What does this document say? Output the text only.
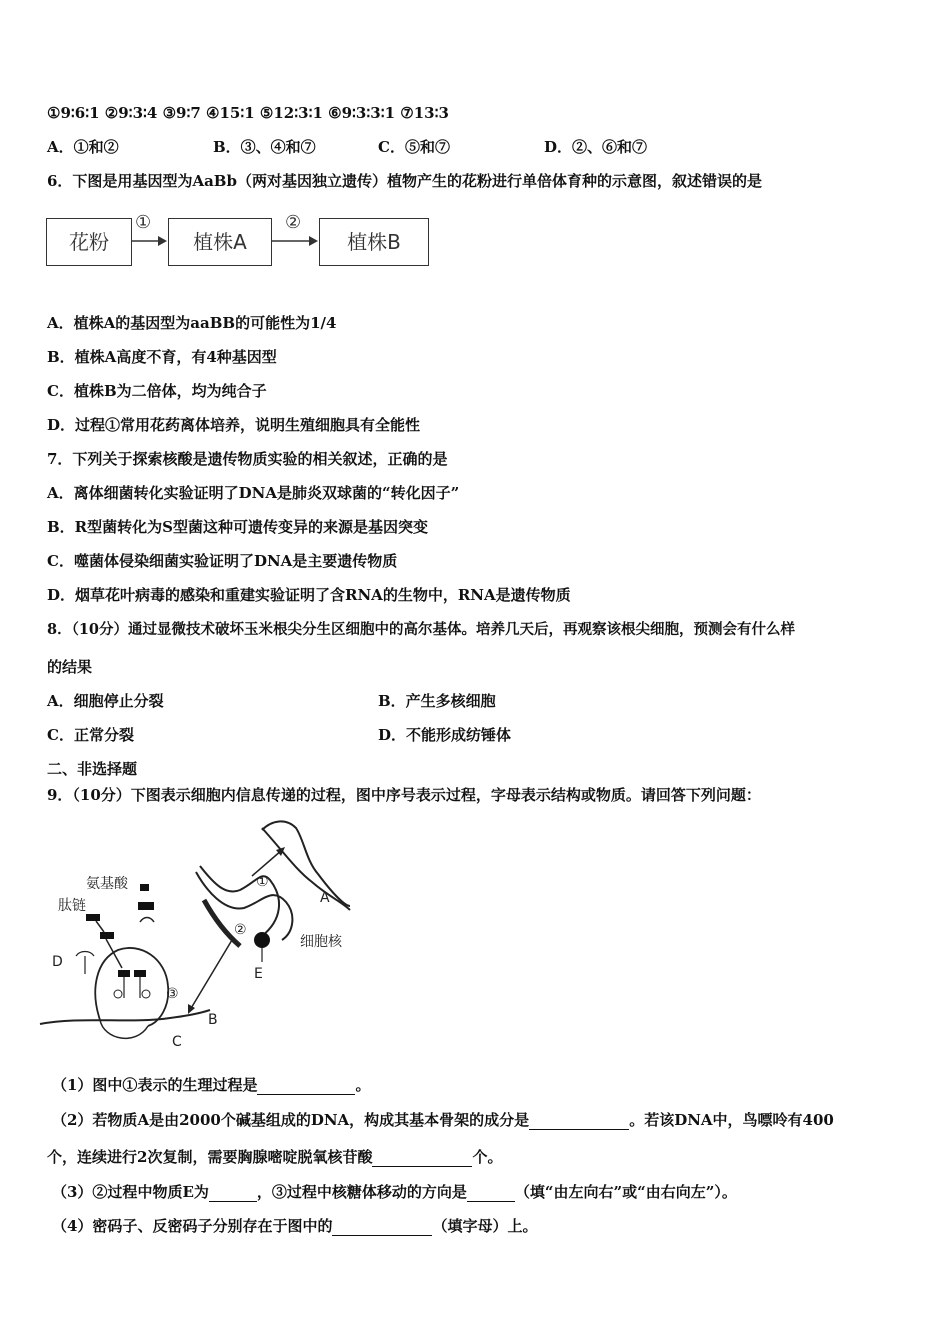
①9∶6∶1 ②9∶3∶4 ③9∶7 ④15∶1 ⑤12∶3∶1 ⑥9∶3∶3∶1 ⑦13∶3
A．①和②	B．③、④和⑦	C．⑤和⑦	D．②、⑥和⑦
6．下图是用基因型为AaBb（两对基因独立遗传）植物产生的花粉进行单倍体育种的示意图，叙述错误的是
花粉	植株A	植株B
①	②
A．植株A的基因型为aaBB的可能性为1/4
B．植株A高度不育，有4种基因型
C．植株B为二倍体，均为纯合子
D．过程①常用花药离体培养，说明生殖细胞具有全能性
7．下列关于探索核酸是遗传物质实验的相关叙述，正确的是
A．离体细菌转化实验证明了DNA是肺炎双球菌的“转化因子”
B．R型菌转化为S型菌这种可遗传变异的来源是基因突变
C．噬菌体侵染细菌实验证明了DNA是主要遗传物质
D．烟草花叶病毒的感染和重建实验证明了含RNA的生物中，RNA是遗传物质
8．（10分）通过显微技术破坏玉米根尖分生区细胞中的高尔基体。培养几天后，再观察该根尖细胞，预测会有什么样
的结果
A．细胞停止分裂	B．产生多核细胞
C．正常分裂	D．不能形成纺锤体
二、非选择题
9．（10分）下图表示细胞内信息传递的过程，图中序号表示过程，字母表示结构或物质。请回答下列问题：
氨基酸
肽链
细胞核
A
B
C
D
E
①
②
③
（1）图中①表示的生理过程是	。
（2）若物质A是由2000个碱基组成的DNA，构成其基本骨架的成分是	。若该DNA中，鸟嘌呤有400
个，连续进行2次复制，需要胸腺嘧啶脱氧核苷酸	个。
（3）②过程中物质E为	，③过程中核糖体移动的方向是	（填“由左向右”或“由右向左”）。
（4）密码子、反密码子分别存在于图中的	（填字母）上。
